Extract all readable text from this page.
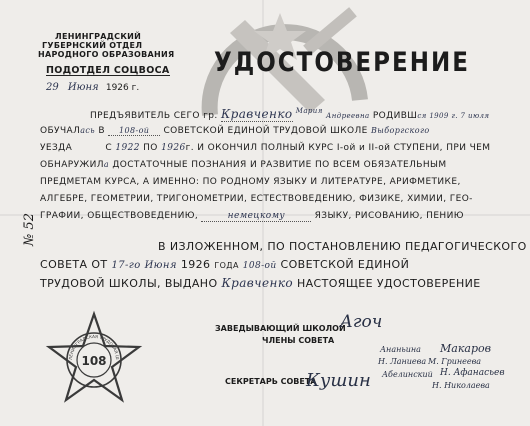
ЛЕНИНГРАДСКИЙ
ГУБЕРНСКИЙ ОТДЕЛ
НАРОДНОГО ОБРАЗОВАНИЯ
ПОДОТДЕЛ СОЦВОСА
29 Июня 1926 г.
УДОСТОВЕРЕНИЕ
№ 52
ПРЕДЪЯВИТЕЛЬ СЕГО гр. Кравченко $^{Мария}$ Андреевна РОДИВШся 1909 г. 7 июля
ОБУЧАЛась В 108-ой СОВЕТСКОЙ ЕДИНОЙ ТРУДОВОЙ ШКОЛЕ Выборгского
УЕЗДА	С 1922 ПО 1926г. И ОКОНЧИЛ ПОЛНЫЙ КУРС I-ой и II-ой СТУПЕНИ, ПРИ ЧЕМ
ОБНАРУЖИЛа ДОСТАТОЧНЫЕ ПОЗНАНИЯ И РАЗВИТИЕ ПО ВСЕМ ОБЯЗАТЕЛЬНЫМ
ПРЕДМЕТАМ КУРСА, А ИМЕННО: ПО РОДНОМУ ЯЗЫКУ И ЛИТЕРАТУРЕ, АРИФМЕТИКЕ,
АЛГЕБРЕ, ГЕОМЕТРИИ, ТРИГОНОМЕТРИИ, ЕСТЕСТВОВЕДЕНИЮ, ФИЗИКЕ, ХИМИИ, ГЕО-
ГРАФИИ, ОБЩЕСТВОВЕДЕНИЮ,	немецкому	ЯЗЫКУ, РИСОВАНИЮ, ПЕНИЮ
В ИЗЛОЖЕННОМ, ПО ПОСТАНОВЛЕНИЮ ПЕДАГОГИЧЕСКОГО
СОВЕТА ОТ 17-го Июня 1926 ГОДА 108-ой СОВЕТСКОЙ ЕДИНОЙ
ТРУДОВОЙ ШКОЛЫ, ВЫДАНО Кравченко НАСТОЯЩЕЕ УДОСТОВЕРЕНИЕ
108
ЛЕНИНГРАДСКАЯ ТРУДОВАЯ Ш
ЗАВЕДЫВАЮЩИЙ ШКОЛОЙ
Агоч
ЧЛЕНЫ СОВЕТА
СЕКРЕТАРЬ СОВЕТА
Кушин
Ананьина Макаров
Н. Ланиева М. Гринеева
Абелинский Н. Афанасьев
Н. Николаева
